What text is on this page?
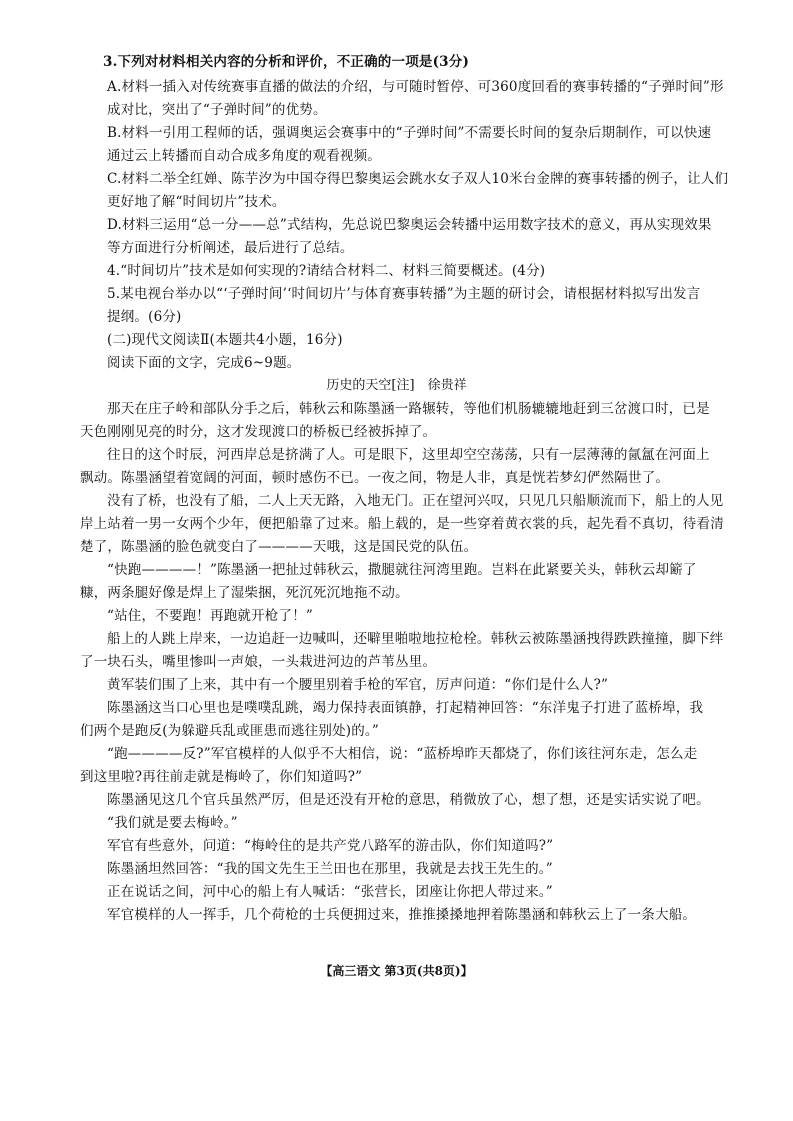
3.下列对材料相关内容的分析和评价，不正确的一项是(3分)
A.材料一插入对传统赛事直播的做法的介绍，与可随时暂停、可360度回看的赛事转播的“子弹时间”形
成对比，突出了“子弹时间”的优势。
B.材料一引用工程师的话，强调奥运会赛事中的“子弹时间”不需要长时间的复杂后期制作，可以快速
通过云上转播而自动合成多角度的观看视频。
C.材料二举全红婵、陈芋汐为中国夺得巴黎奥运会跳水女子双人10米台金牌的赛事转播的例子，让人们
更好地了解“时间切片”技术。
D.材料三运用“总一分——总”式结构，先总说巴黎奥运会转播中运用数字技术的意义，再从实现效果
等方面进行分析阐述，最后进行了总结。
4.“时间切片”技术是如何实现的?请结合材料二、材料三简要概述。(4分)
5.某电视台举办以“‘子弹时间’‘时间切片’与体育赛事转播”为主题的研讨会，请根据材料拟写出发言
提纲。(6分)
(二)现代文阅读Ⅱ(本题共4小题，16分)
阅读下面的文字，完成6~9题。
历史的天空[注]　徐贵祥
那天在庄子岭和部队分手之后，韩秋云和陈墨涵一路辗转，等他们机肠辘辘地赶到三岔渡口时，已是
天色刚刚见亮的时分，这才发现渡口的桥板已经被拆掉了。
往日的这个时辰，河西岸总是挤满了人。可是眼下，这里却空空荡荡，只有一层薄薄的氤氲在河面上
飘动。陈墨涵望着宽阔的河面，顿时感伤不已。一夜之间，物是人非，真是恍若梦幻俨然隔世了。
没有了桥，也没有了船，二人上天无路，入地无门。正在望河兴叹，只见几只船顺流而下，船上的人见
岸上站着一男一女两个少年，便把船靠了过来。船上载的，是一些穿着黄衣裳的兵，起先看不真切，待看清
楚了，陈墨涵的脸色就变白了————天哦，这是国民党的队伍。
“快跑————！”陈墨涵一把扯过韩秋云，撒腿就往河湾里跑。岂料在此紧要关头，韩秋云却簖了
糠，两条腿好像是焊上了湿柴捆，死沉死沉地拖不动。
“站住，不要跑！再跑就开枪了！”
船上的人跳上岸来，一边追赶一边喊叫，还噼里啪啦地拉枪栓。韩秋云被陈墨涵拽得跌跌撞撞，脚下绊
了一块石头，嘴里惨叫一声娘，一头栽进河边的芦苇丛里。
黄军装们围了上来，其中有一个腰里别着手枪的军官，厉声问道：“你们是什么人?”
陈墨涵这当口心里也是噗噗乱跳，竭力保持表面镇静，打起精神回答：“东洋鬼子打进了蓝桥埠，我
们两个是跑反(为躲避兵乱或匪患而逃往别处)的。”
“跑————反?”军官模样的人似乎不大相信，说：“蓝桥埠昨天都烧了，你们该往河东走，怎么走
到这里啦?再往前走就是梅岭了，你们知道吗?”
陈墨涵见这几个官兵虽然严厉，但是还没有开枪的意思，稍微放了心，想了想，还是实话实说了吧。
“我们就是要去梅岭。”
军官有些意外，问道：“梅岭住的是共产党八路军的游击队，你们知道吗?”
陈墨涵坦然回答：“我的国文先生王兰田也在那里，我就是去找王先生的。”
正在说话之间，河中心的船上有人喊话：“张营长，团座让你把人带过来。”
军官模样的人一挥手，几个荷枪的士兵便拥过来，推推搡搡地押着陈墨涵和韩秋云上了一条大船。
【高三语文 第3页(共8页)】
